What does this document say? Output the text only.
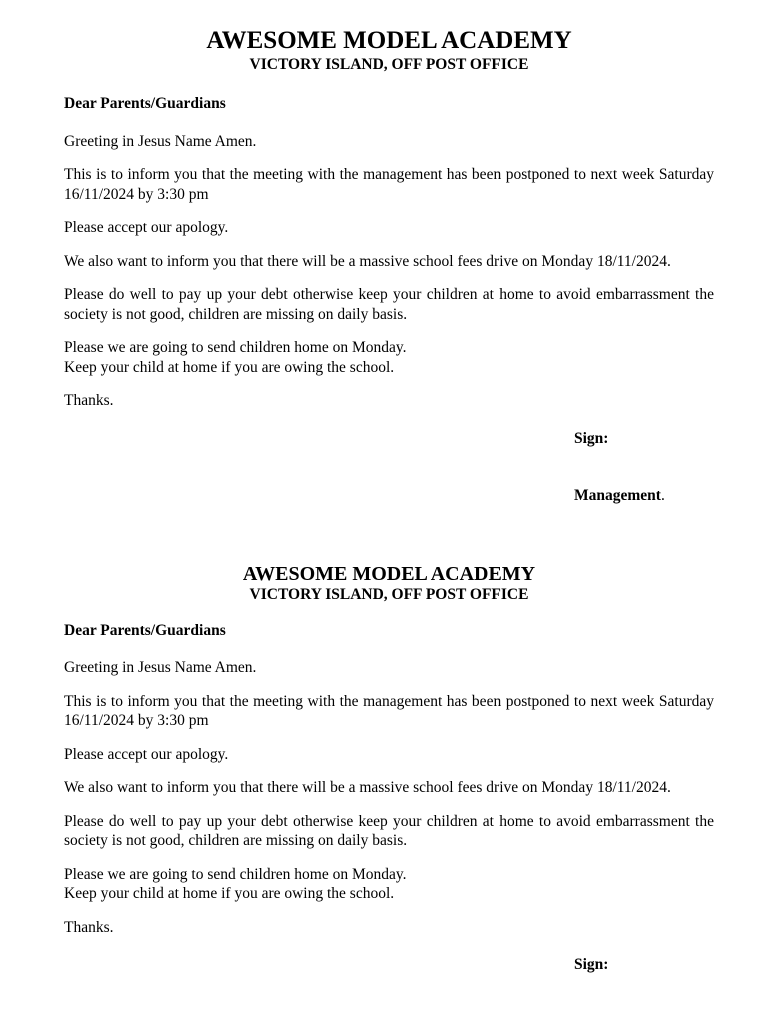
AWESOME MODEL ACADEMY

VICTORY ISLAND, OFF POST OFFICE

Dear Parents/Guardians

Greeting in Jesus Name Amen.

This is to inform you that the meeting with the management has been postponed to next week Saturday 16/11/2024 by 3:30 pm

Please accept our apology.

We also want to inform you that there will be a massive school fees drive on Monday 18/11/2024.

Please do well to pay up your debt otherwise keep your children at home to avoid embarrassment the society is not good, children are missing on daily basis.

Please we are going to send children home on Monday.

Keep your child at home if you are owing the school.

Thanks.

Sign:
Management.
AWESOME MODEL ACADEMY

VICTORY ISLAND, OFF POST OFFICE

Dear Parents/Guardians

Greeting in Jesus Name Amen.

This is to inform you that the meeting with the management has been postponed to next week Saturday 16/11/2024 by 3:30 pm

Please accept our apology.

We also want to inform you that there will be a massive school fees drive on Monday 18/11/2024.

Please do well to pay up your debt otherwise keep your children at home to avoid embarrassment the society is not good, children are missing on daily basis.

Please we are going to send children home on Monday.

Keep your child at home if you are owing the school.

Thanks.

Sign:
